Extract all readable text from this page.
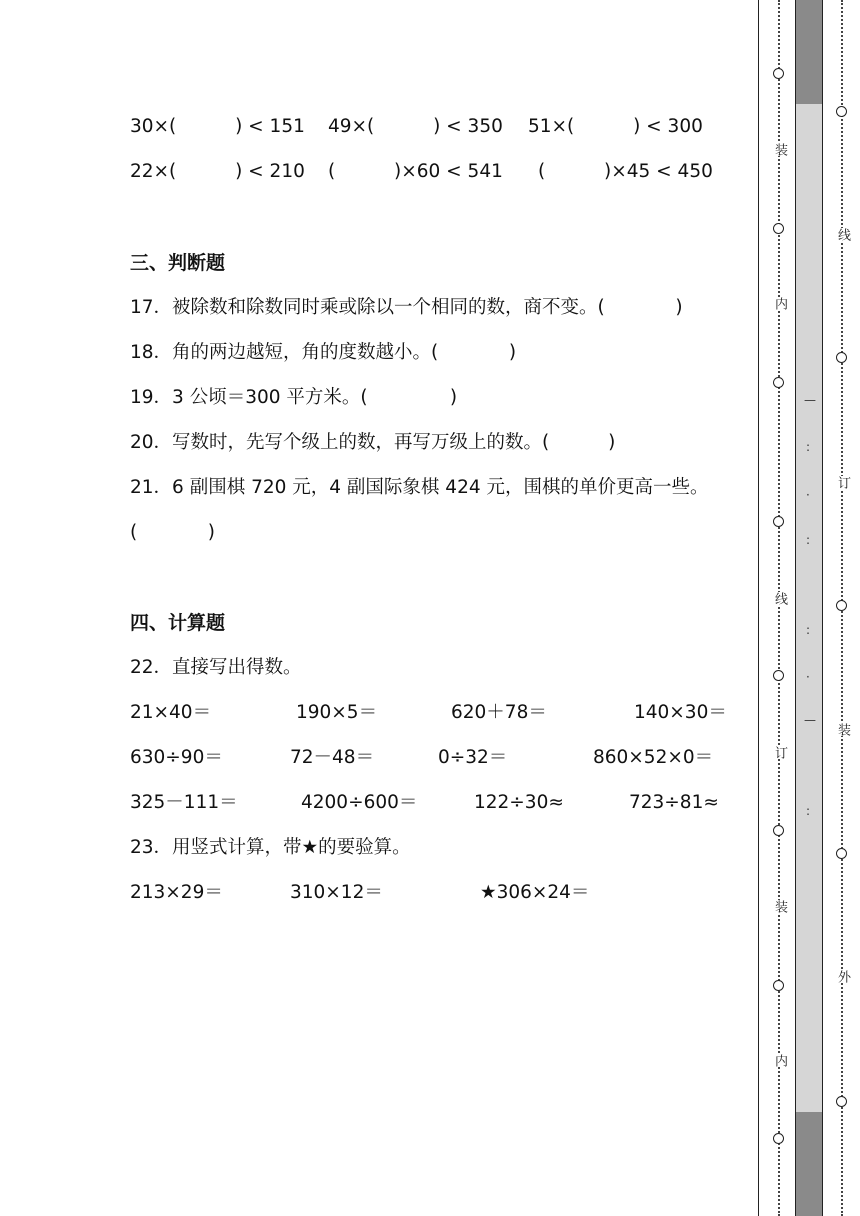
30×(          ) < 151 49×(          ) < 350 51×(          ) < 300
22×(          ) < 210 (          )×60 < 541 (          )×45 < 450
三、判断题
17．被除数和除数同时乘或除以一个相同的数，商不变。(            )
18．角的两边越短，角的度数越小。(            )
19．3 公顷＝300 平方米。(              )
20．写数时，先写个级上的数，再写万级上的数。(          )
21．6 副围棋 720 元，4 副国际象棋 424 元，围棋的单价更高一些。
(            )
四、计算题
22．直接写出得数。
21×40＝	190×5＝	620＋78＝	140×30＝
630÷90＝	72－48＝	0÷32＝	860×52×0＝
325－111＝	4200÷600＝	122÷30≈	723÷81≈
23．用竖式计算，带★的要验算。
213×29＝	310×12＝	★306×24＝
装
内
线
订
装
内
—
:
·
:
:
·
—
:
线
订
装
外
